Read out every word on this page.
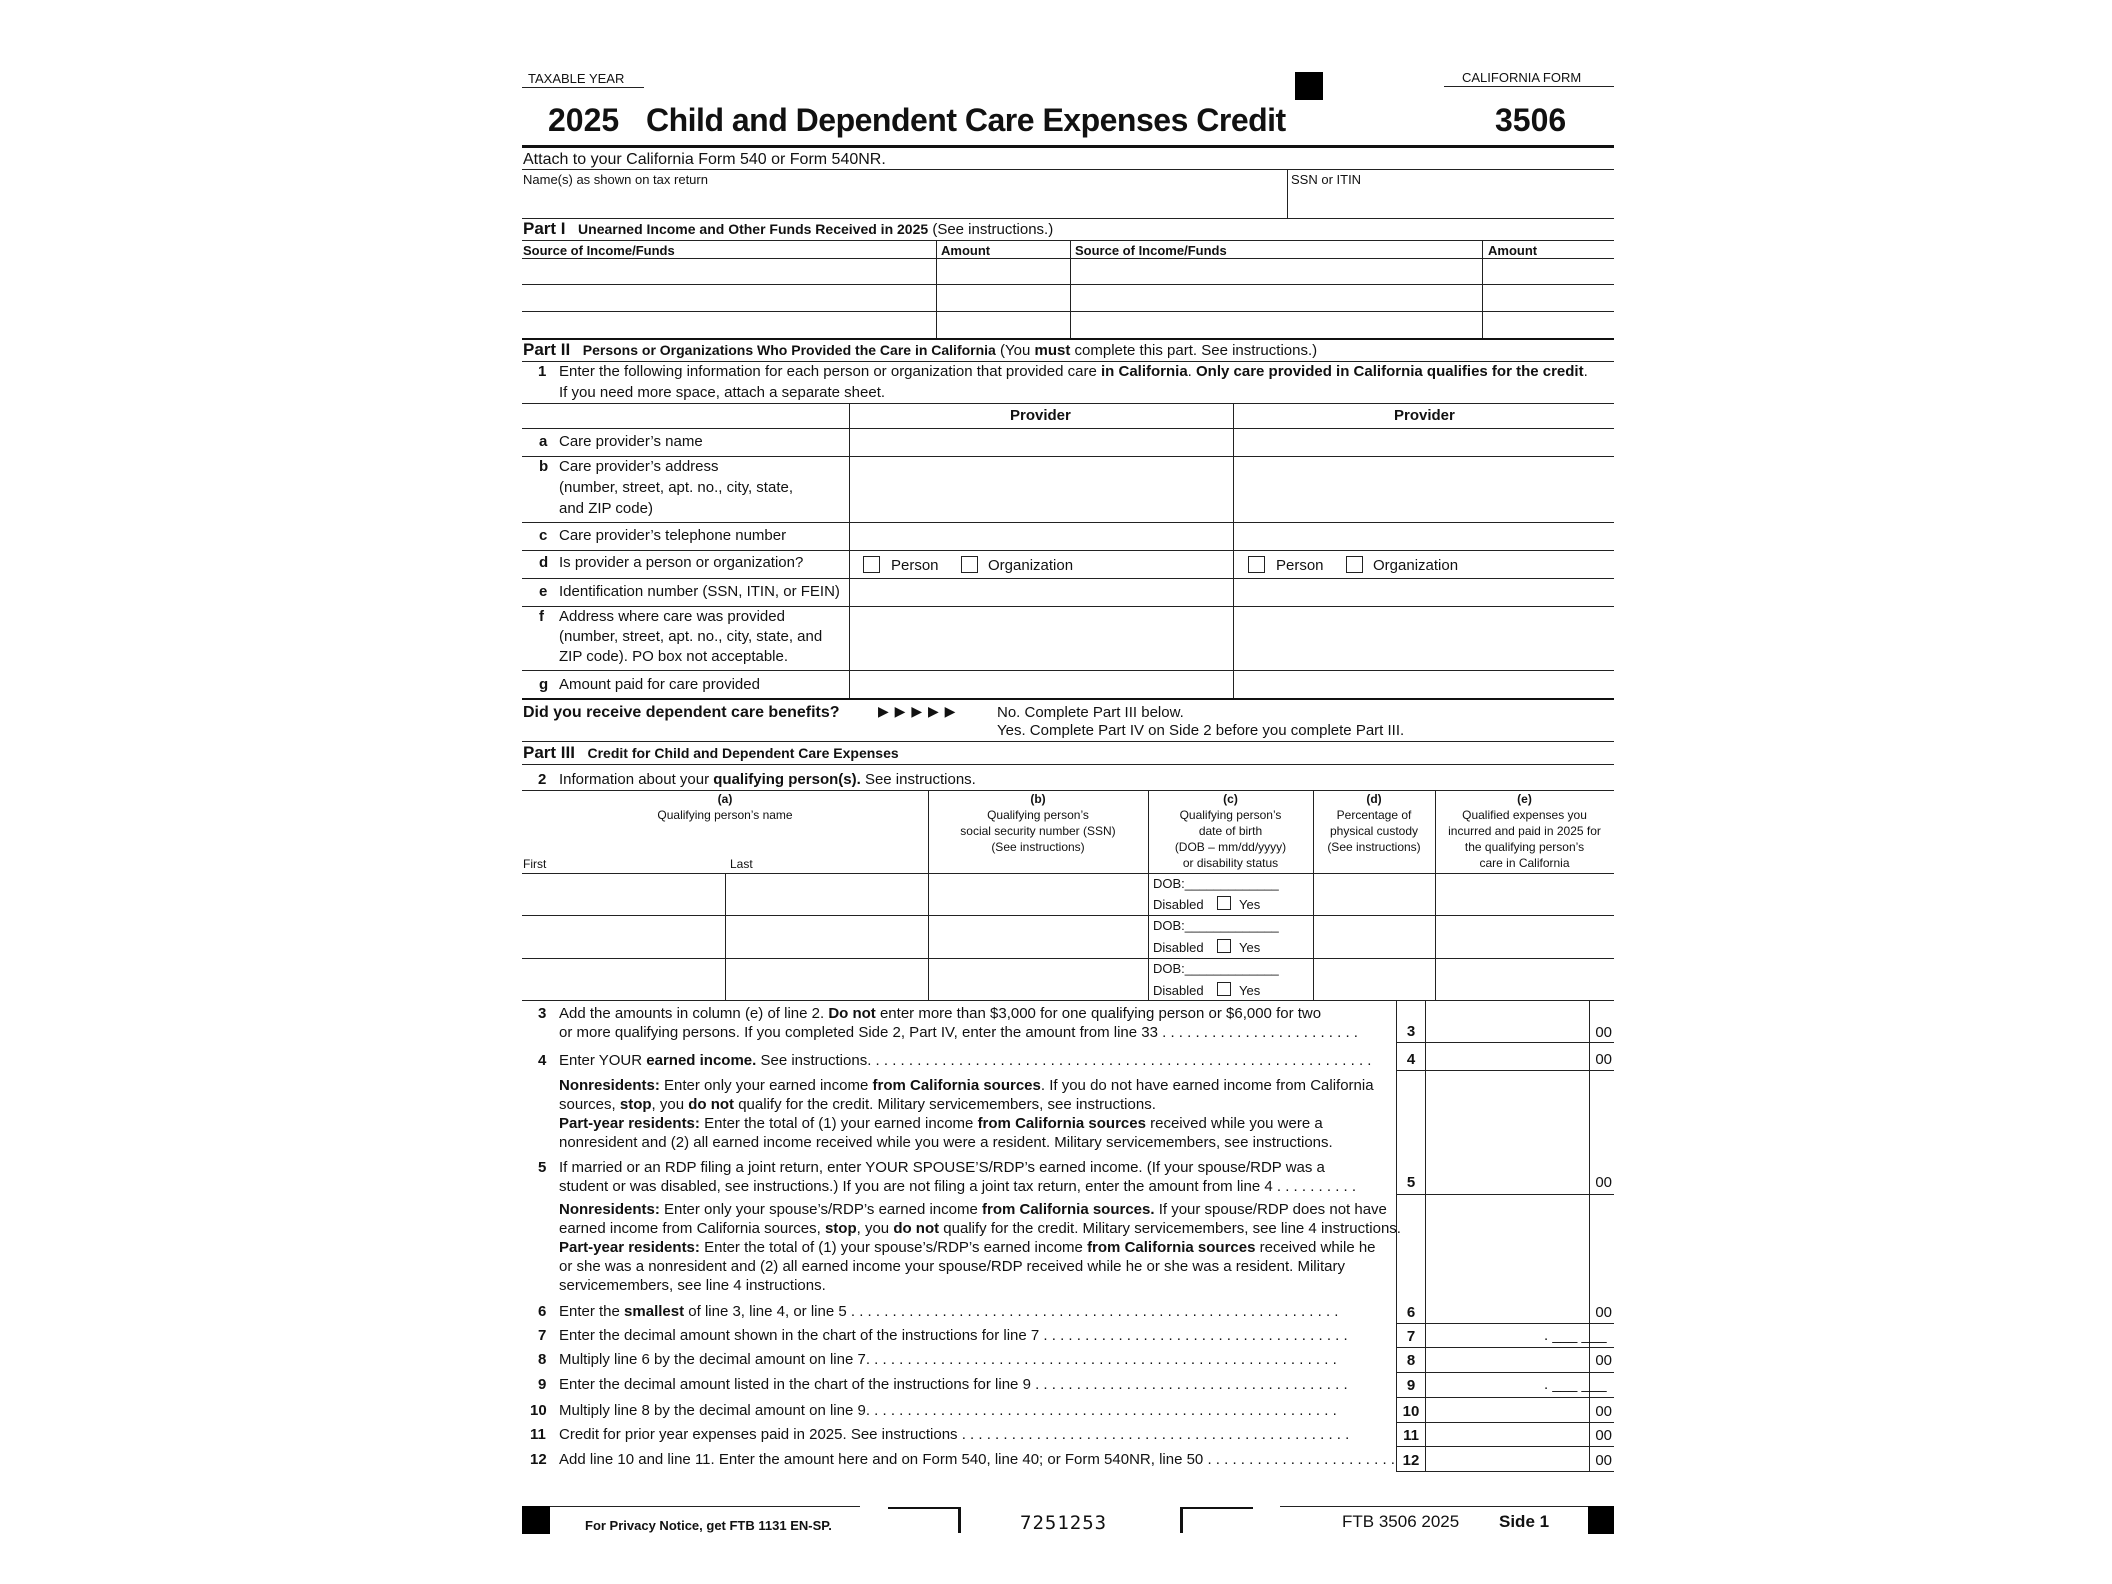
TAXABLE YEAR	CALIFORNIA FORM
2025 Child and Dependent Care Expenses Credit	3506
Attach to your California Form 540 or Form 540NR.
Name(s) as shown on tax return	SSN or ITIN
Part I Unearned Income and Other Funds Received in 2025 (See instructions.)
Source of Income/Funds	Amount	Source of Income/Funds	Amount
Part II Persons or Organizations Who Provided the Care in California (You must complete this part. See instructions.)
1 Enter the following information for each person or organization that provided care in California. Only care provided in California qualifies for the credit.
If you need more space, attach a separate sheet.
Provider	Provider
a Care provider’s name
b Care provider’s address
(number, street, apt. no., city, state,
and ZIP code)
c Care provider’s telephone number
d Is provider a person or organization?	Person	Organization	Person	Organization
e Identification number (SSN, ITIN, or FEIN)
f Address where care was provided
(number, street, apt. no., city, state, and
ZIP code). PO box not acceptable.
g Amount paid for care provided
Did you receive dependent care benefits?	▶ ▶ ▶ ▶ ▶	No. Complete Part III below.
Yes. Complete Part IV on Side 2 before you complete Part III.
Part III Credit for Child and Dependent Care Expenses
2 Information about your qualifying person(s). See instructions.
(a)
Qualifying person’s name
First	Last
(b)
Qualifying person’s
social security number (SSN)
(See instructions)
(c)
Qualifying person’s
date of birth
(DOB – mm/dd/yyyy)
or disability status
(d)
Percentage of
physical custody
(See instructions)
(e)
Qualified expenses you
incurred and paid in 2025 for
the qualifying person’s
care in California
DOB:_____________
Disabled	Yes
DOB:_____________
Disabled	Yes
DOB:_____________
Disabled	Yes
3 Add the amounts in column (e) of line 2. Do not enter more than $3,000 for one qualifying person or $6,000 for two
or more qualifying persons. If you completed Side 2, Part IV, enter the amount from line 33 . . . . . . . . . . . . . . . . . . . . . . . .	3	00
4 Enter YOUR earned income. See instructions. . . . . . . . . . . . . . . . . . . . . . . . . . . . . . . . . . . . . . . . . . . . . . . . . . . . . . . . . . . . .	4	00
Nonresidents: Enter only your earned income from California sources. If you do not have earned income from California
sources, stop, you do not qualify for the credit. Military servicemembers, see instructions.
Part-year residents: Enter the total of (1) your earned income from California sources received while you were a
nonresident and (2) all earned income received while you were a resident. Military servicemembers, see instructions.
5 If married or an RDP filing a joint return, enter YOUR SPOUSE’S/RDP’s earned income. (If your spouse/RDP was a
student or was disabled, see instructions.) If you are not filing a joint tax return, enter the amount from line 4 . . . . . . . . . .	5	00
Nonresidents: Enter only your spouse’s/RDP’s earned income from California sources. If your spouse/RDP does not have
earned income from California sources, stop, you do not qualify for the credit. Military servicemembers, see line 4 instructions.
Part-year residents: Enter the total of (1) your spouse’s/RDP’s earned income from California sources received while he
or she was a nonresident and (2) all earned income your spouse/RDP received while he or she was a resident. Military
servicemembers, see line 4 instructions.
6 Enter the smallest of line 3, line 4, or line 5 . . . . . . . . . . . . . . . . . . . . . . . . . . . . . . . . . . . . . . . . . . . . . . . . . . . . . . . . . . .	6	00
7 Enter the decimal amount shown in the chart of the instructions for line 7 . . . . . . . . . . . . . . . . . . . . . . . . . . . . . . . . . . . . .	7	. ___ ___
8 Multiply line 6 by the decimal amount on line 7. . . . . . . . . . . . . . . . . . . . . . . . . . . . . . . . . . . . . . . . . . . . . . . . . . . . . . . . .	8	00
9 Enter the decimal amount listed in the chart of the instructions for line 9 . . . . . . . . . . . . . . . . . . . . . . . . . . . . . . . . . . . . . .	9	. ___ ___
10 Multiply line 8 by the decimal amount on line 9. . . . . . . . . . . . . . . . . . . . . . . . . . . . . . . . . . . . . . . . . . . . . . . . . . . . . . . . .	10	00
11 Credit for prior year expenses paid in 2025. See instructions . . . . . . . . . . . . . . . . . . . . . . . . . . . . . . . . . . . . . . . . . . . . . . .	11	00
12 Add line 10 and line 11. Enter the amount here and on Form 540, line 40; or Form 540NR, line 50 . . . . . . . . . . . . . . . . . . . . . . . 12	00
For Privacy Notice, get FTB 1131 EN-SP.	7251253	FTB 3506 2025 Side 1
